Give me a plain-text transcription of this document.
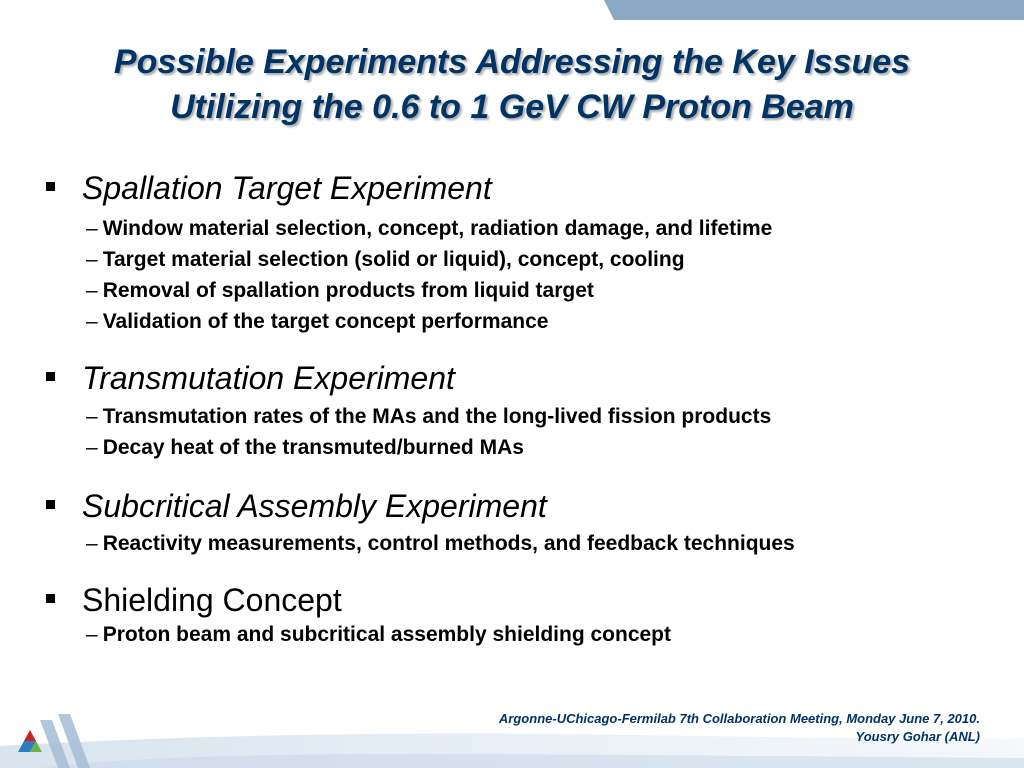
Possible Experiments Addressing the Key Issues
Utilizing the 0.6 to 1 GeV CW Proton Beam
Spallation Target Experiment
– Window material selection, concept, radiation damage, and lifetime
– Target material selection (solid or liquid), concept, cooling
– Removal of spallation products from liquid target
– Validation of the target concept performance
Transmutation Experiment
– Transmutation rates of the MAs and the long-lived fission products
– Decay heat of the transmuted/burned MAs
Subcritical Assembly Experiment
– Reactivity measurements, control methods, and feedback techniques
Shielding Concept
– Proton beam and subcritical assembly shielding concept
Argonne-UChicago-Fermilab 7th Collaboration Meeting, Monday June 7, 2010.
Yousry Gohar (ANL)
